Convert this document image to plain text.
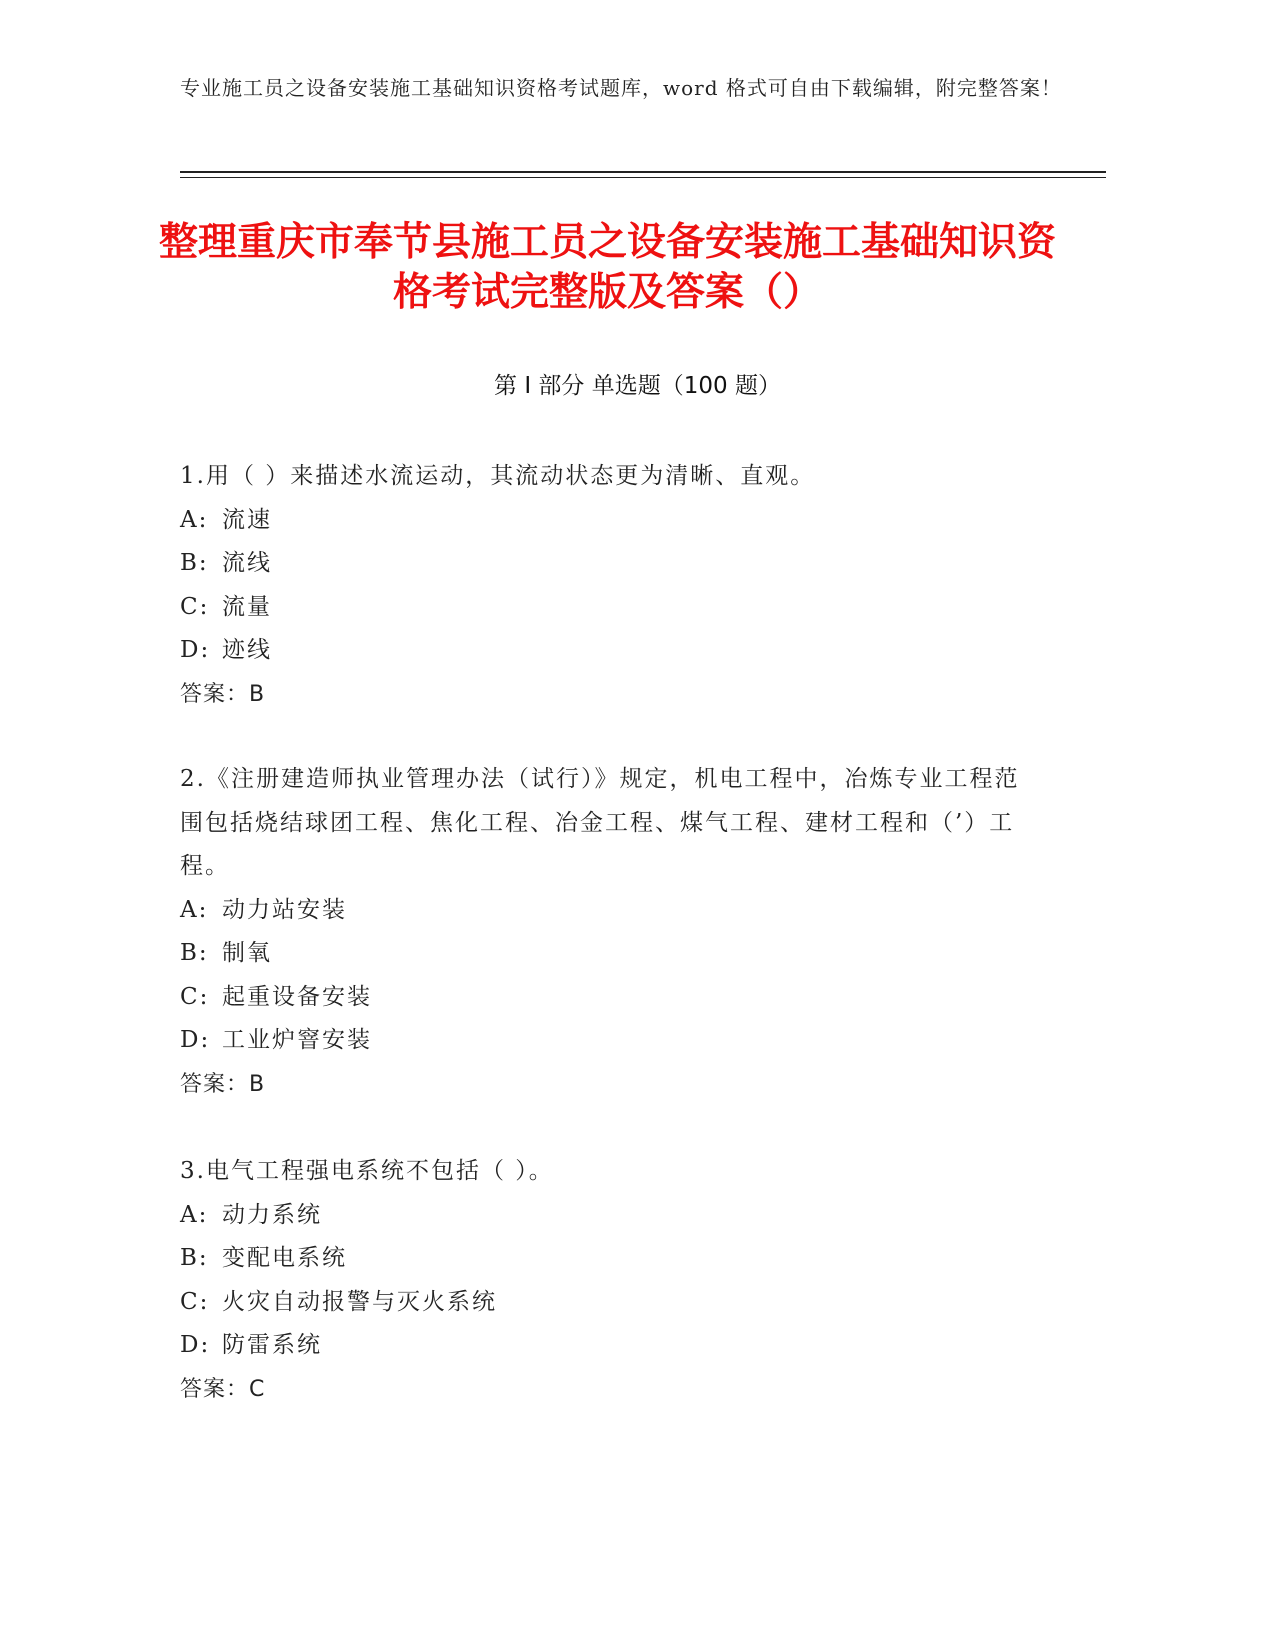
专业施工员之设备安装施工基础知识资格考试题库，word 格式可自由下载编辑，附完整答案！
整理重庆市奉节县施工员之设备安装施工基础知识资格考试完整版及答案（）
第 I 部分 单选题（100 题）
1.用（ ）来描述水流运动，其流动状态更为清晰、直观。
A: 流速
B: 流线
C: 流量
D: 迹线
答案：B
2.《注册建造师执业管理办法（试行）》规定，机电工程中，冶炼专业工程范围包括烧结球团工程、焦化工程、冶金工程、煤气工程、建材工程和（’）工程。
A: 动力站安装
B: 制氧
C: 起重设备安装
D: 工业炉窨安装
答案：B
3.电气工程强电系统不包括（ ）。
A: 动力系统
B: 变配电系统
C: 火灾自动报警与灭火系统
D: 防雷系统
答案：C
